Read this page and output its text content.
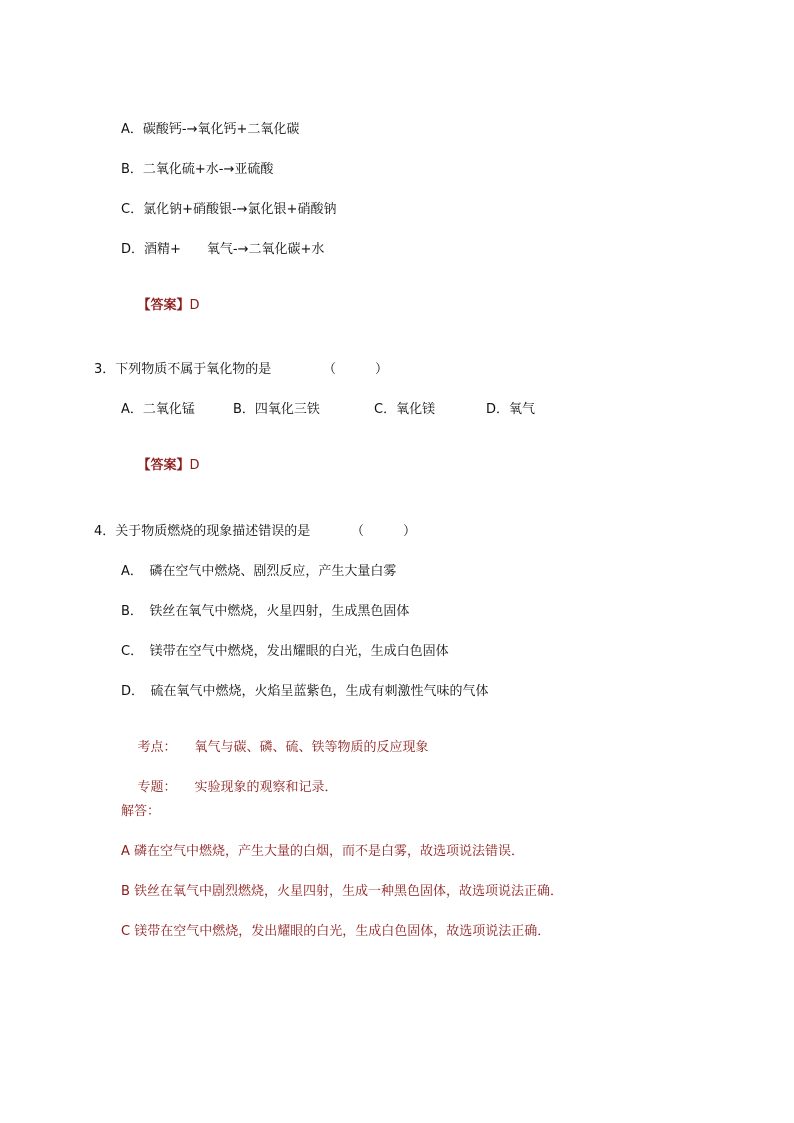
A．碳酸钙-→氧化钙+二氧化碳
B．二氧化硫+水-→亚硫酸
C．氯化钠+硝酸银-→氯化银+硝酸钠
D．酒精+　　氧气-→二氧化碳+水

【答案】D

3．下列物质不属于氧化物的是	（　　　）
A．二氧化锰	B．四氧化三铁	C．氧化镁	D．氧气

【答案】D

4．关于物质燃烧的现象描述错误的是	（　　　）
A．　磷在空气中燃烧、剧烈反应，产生大量白雾
B．　铁丝在氧气中燃烧，火星四射，生成黑色固体
C．　镁带在空气中燃烧，发出耀眼的白光，生成白色固体
D．　硫在氧气中燃烧，火焰呈蓝紫色，生成有刺激性气味的气体

考点： 氧气与碳、磷、硫、铁等物质的反应现象

专题： 实验现象的观察和记录．

解答：
A 磷在空气中燃烧，产生大量的白烟，而不是白雾，故选项说法错误．
B 铁丝在氧气中剧烈燃烧，火星四射，生成一种黑色固体，故选项说法正确．
C 镁带在空气中燃烧，发出耀眼的白光，生成白色固体，故选项说法正确．
